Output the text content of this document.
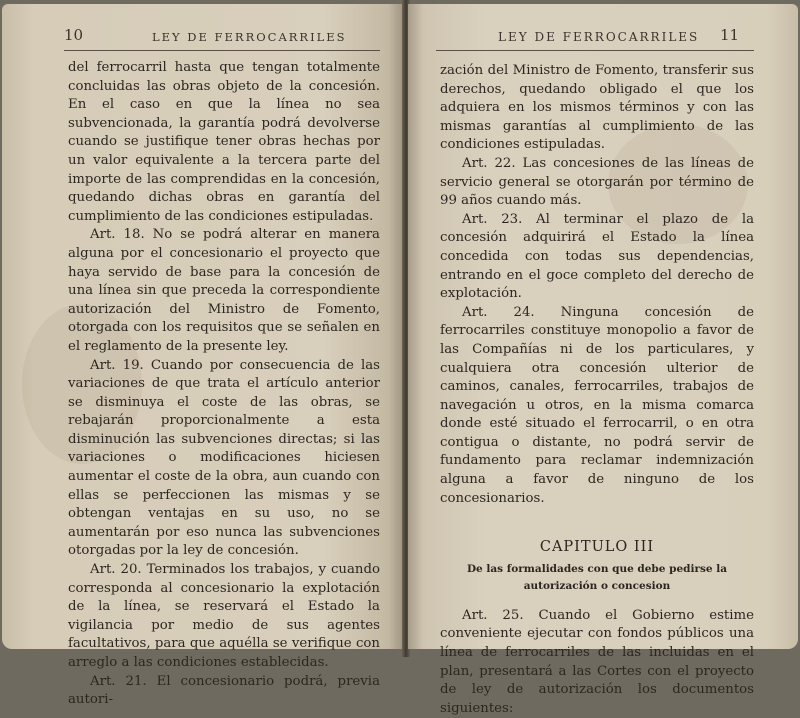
10	LEY DE FERROCARRILES

del ferrocarril hasta que tengan totalmente concluidas las obras objeto de la concesión. En el caso en que la línea no sea subvencionada, la garantía podrá devolverse cuando se justifique tener obras hechas por un valor equivalente a la tercera parte del importe de las comprendidas en la concesión, quedando dichas obras en garantía del cumplimiento de las condiciones estipuladas.

Art. 18. No se podrá alterar en manera alguna por el concesionario el proyecto que haya servido de base para la concesión de una línea sin que preceda la correspondiente autorización del Ministro de Fomento, otorgada con los requisitos que se señalen en el reglamento de la presente ley.

Art. 19. Cuando por consecuencia de las variaciones de que trata el artículo anterior se disminuya el coste de las obras, se rebajarán proporcionalmente a esta disminución las subvenciones directas; si las variaciones o modificaciones hiciesen aumentar el coste de la obra, aun cuando con ellas se perfeccionen las mismas y se obtengan ventajas en su uso, no se aumentarán por eso nunca las subvenciones otorgadas por la ley de concesión.

Art. 20. Terminados los trabajos, y cuando corresponda al concesionario la explotación de la línea, se reservará el Estado la vigilancia por medio de sus agentes facultativos, para que aquélla se verifique con arreglo a las condiciones establecidas.

Art. 21. El concesionario podrá, previa autori-

LEY DE FERROCARRILES 11

zación del Ministro de Fomento, transferir sus derechos, quedando obligado el que los adquiera en los mismos términos y con las mismas garantías al cumplimiento de las condiciones estipuladas.

Art. 22. Las concesiones de las líneas de servicio general se otorgarán por término de 99 años cuando más.

Art. 23. Al terminar el plazo de la concesión adquirirá el Estado la línea concedida con todas sus dependencias, entrando en el goce completo del derecho de explotación.

Art. 24. Ninguna concesión de ferrocarriles constituye monopolio a favor de las Compañías ni de los particulares, y cualquiera otra concesión ulterior de caminos, canales, ferrocarriles, trabajos de navegación u otros, en la misma comarca donde esté situado el ferrocarril, o en otra contigua o distante, no podrá servir de fundamento para reclamar indemnización alguna a favor de ninguno de los concesionarios.

CAPITULO III
De las formalidades con que debe pedirse la autorización o concesion

Art. 25. Cuando el Gobierno estime conveniente ejecutar con fondos públicos una línea de ferrocarriles de las incluidas en el plan, presentará a las Cortes con el proyecto de ley de autorización los documentos siguientes:
